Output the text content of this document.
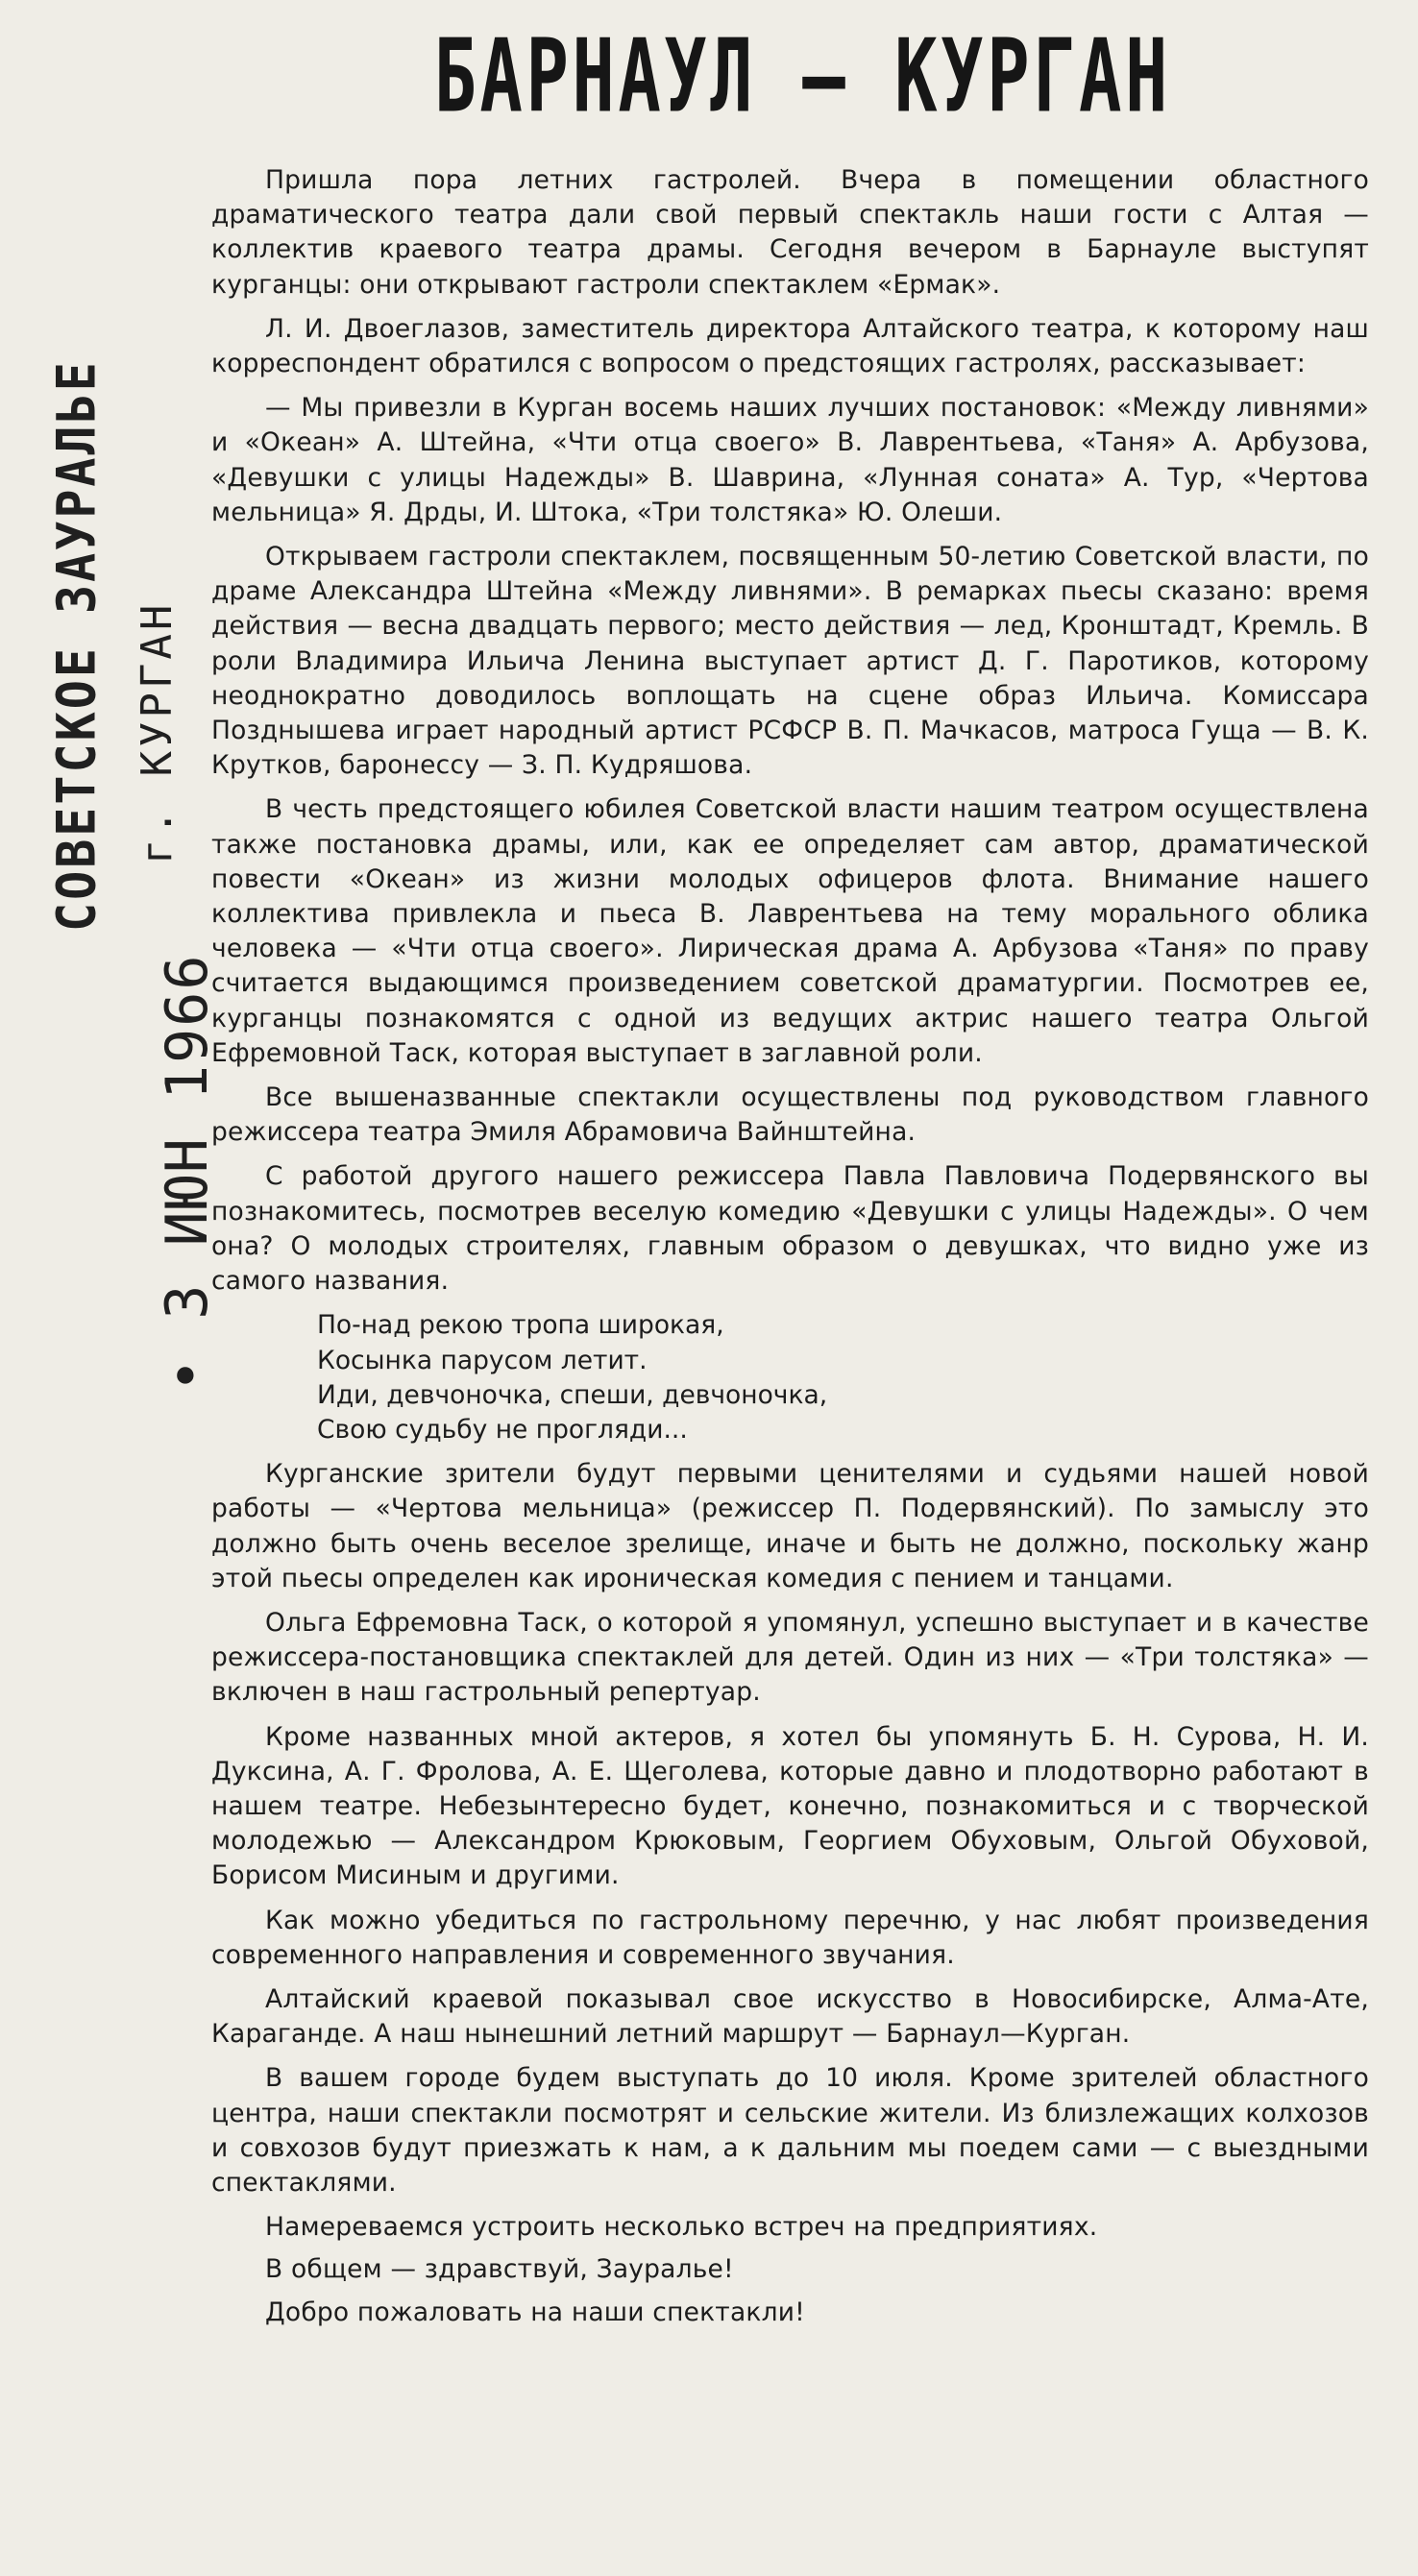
БАРНАУЛ — КУРГАН
СОВЕТСКОЕ ЗАУРАЛЬЕ г. КУРГАН
• 3 ИЮН 1966

Пришла пора летних гастролей. Вчера в помещении областного драматического театра дали свой первый спектакль наши гости с Алтая — коллектив краевого театра драмы. Сегодня вечером в Барнауле выступят курганцы: они открывают гастроли спектаклем «Ермак».

Л. И. Двоеглазов, заместитель директора Алтайского театра, к которому наш корреспондент обратился с вопросом о предстоящих гастролях, рассказывает:

— Мы привезли в Курган восемь наших лучших постановок: «Между ливнями» и «Океан» А. Штейна, «Чти отца своего» В. Лаврентьева, «Таня» А. Арбузова, «Девушки с улицы Надежды» В. Шаврина, «Лунная соната» А. Тур, «Чертова мельница» Я. Дрды, И. Штока, «Три толстяка» Ю. Олеши.

Открываем гастроли спектаклем, посвященным 50-летию Советской власти, по драме Александра Штейна «Между ливнями». В ремарках пьесы сказано: время действия — весна двадцать первого; место действия — лед, Кронштадт, Кремль. В роли Владимира Ильича Ленина выступает артист Д. Г. Паротиков, которому неоднократно доводилось воплощать на сцене образ Ильича. Комиссара Позднышева играет народный артист РСФСР В. П. Мачкасов, матроса Гуща — В. К. Крутков, баронессу — З. П. Кудряшова.

В честь предстоящего юбилея Советской власти нашим театром осуществлена также постановка драмы, или, как ее определяет сам автор, драматической повести «Океан» из жизни молодых офицеров флота. Внимание нашего коллектива привлекла и пьеса В. Лаврентьева на тему морального облика человека — «Чти отца своего». Лирическая драма А. Арбузова «Таня» по праву считается выдающимся произведением советской драматургии. Посмотрев ее, курганцы познакомятся с одной из ведущих актрис нашего театра Ольгой Ефремовной Таск, которая выступает в заглавной роли.

Все вышеназванные спектакли осуществлены под руководством главного режиссера театра Эмиля Абрамовича Вайнштейна.

С работой другого нашего режиссера Павла Павловича Подервянского вы познакомитесь, посмотрев веселую комедию «Девушки с улицы Надежды». О чем она? О молодых строителях, главным образом о девушках, что видно уже из самого названия.

По-над рекою тропа широкая,
Косынка парусом летит.
Иди, девчоночка, спеши, девчоночка,
Свою судьбу не прогляди...

Курганские зрители будут первыми ценителями и судьями нашей новой работы — «Чертова мельница» (режиссер П. Подервянский). По замыслу это должно быть очень веселое зрелище, иначе и быть не должно, поскольку жанр этой пьесы определен как ироническая комедия с пением и танцами.

Ольга Ефремовна Таск, о которой я упомянул, успешно выступает и в качестве режиссера-постановщика спектаклей для детей. Один из них — «Три толстяка» — включен в наш гастрольный репертуар.

Кроме названных мной актеров, я хотел бы упомянуть Б. Н. Сурова, Н. И. Дуксина, А. Г. Фролова, А. Е. Щеголева, которые давно и плодотворно работают в нашем театре. Небезынтересно будет, конечно, познакомиться и с творческой молодежью — Александром Крюковым, Георгием Обуховым, Ольгой Обуховой, Борисом Мисиным и другими.

Как можно убедиться по гастрольному перечню, у нас любят произведения современного направления и современного звучания.

Алтайский краевой показывал свое искусство в Новосибирске, Алма-Ате, Караганде. А наш нынешний летний маршрут — Барнаул—Курган.

В вашем городе будем выступать до 10 июля. Кроме зрителей областного центра, наши спектакли посмотрят и сельские жители. Из близлежащих колхозов и совхозов будут приезжать к нам, а к дальним мы поедем сами — с выездными спектаклями.

Намереваемся устроить несколько встреч на предприятиях.

В общем — здравствуй, Зауралье!

Добро пожаловать на наши спектакли!
